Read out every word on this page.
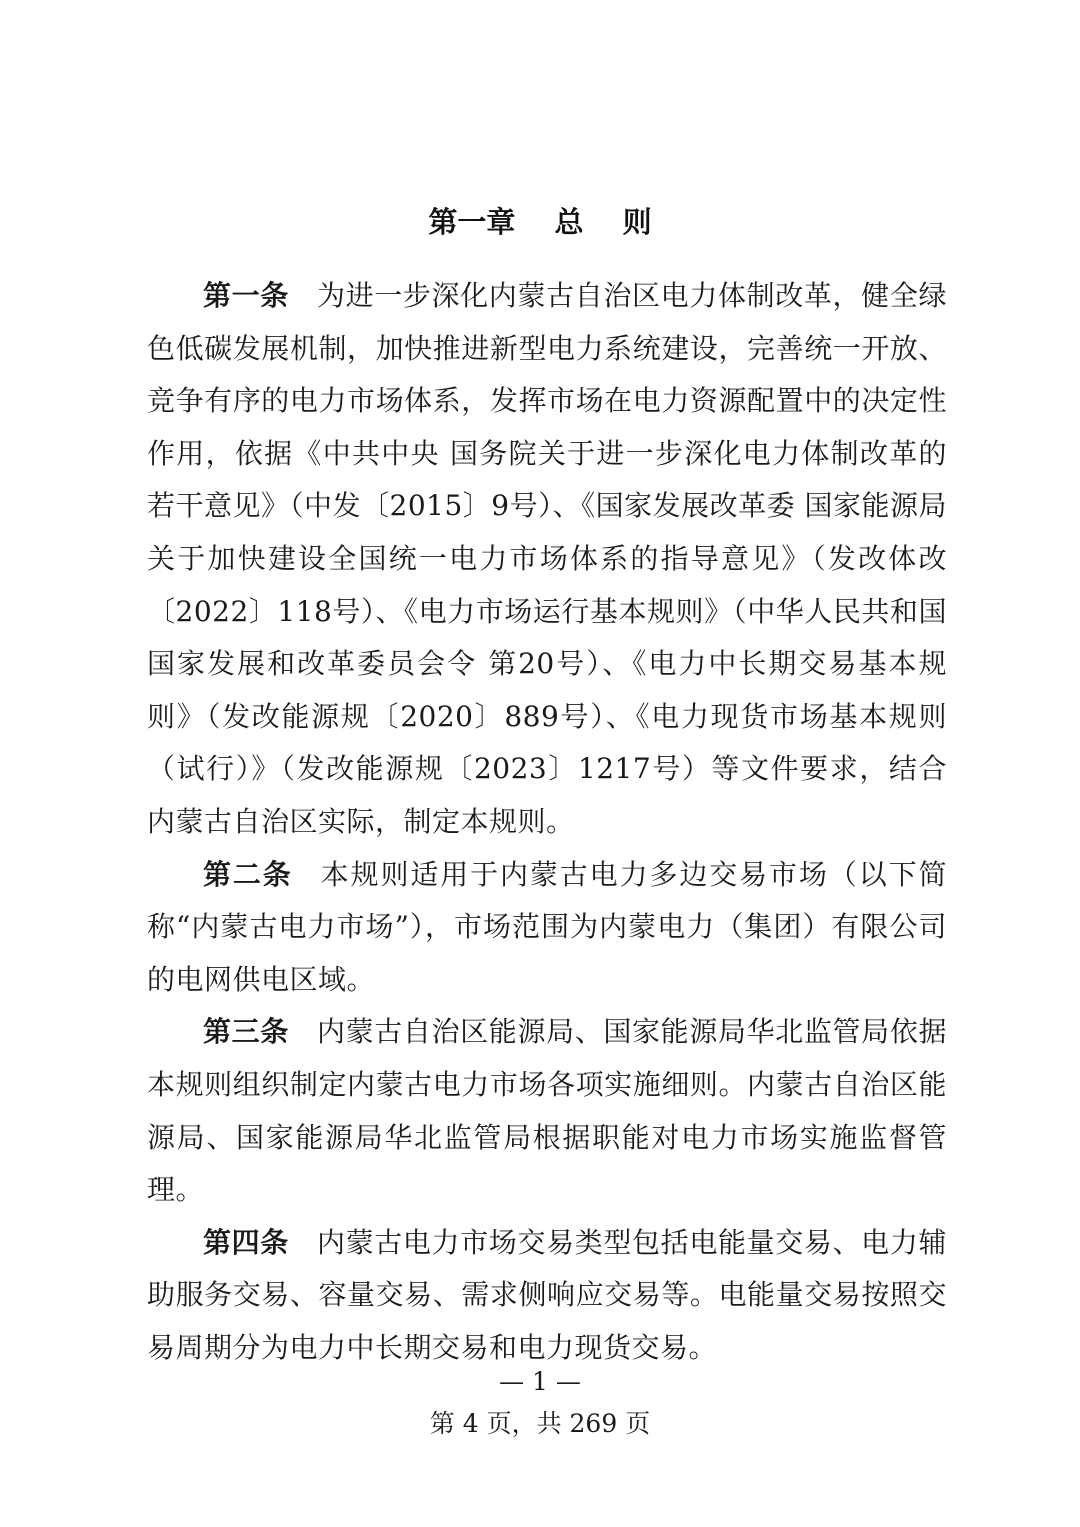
第一章　 总　 则

第一条 为进一步深化内蒙古自治区电力体制改革，健全绿色低碳发展机制，加快推进新型电力系统建设，完善统一开放、竞争有序的电力市场体系，发挥市场在电力资源配置中的决定性作用，依据《中共中央 国务院关于进一步深化电力体制改革的若干意见》（中发〔2015〕9号）、《国家发展改革委 国家能源局关于加快建设全国统一电力市场体系的指导意见》（发改体改〔2022〕118号）、《电力市场运行基本规则》（中华人民共和国国家发展和改革委员会令 第20号）、《电力中长期交易基本规则》（发改能源规〔2020〕889号）、《电力现货市场基本规则（试行）》（发改能源规〔2023〕1217号）等文件要求，结合内蒙古自治区实际，制定本规则。

第二条 本规则适用于内蒙古电力多边交易市场（以下简称“内蒙古电力市场”），市场范围为内蒙电力（集团）有限公司的电网供电区域。

第三条 内蒙古自治区能源局、国家能源局华北监管局依据本规则组织制定内蒙古电力市场各项实施细则。内蒙古自治区能源局、国家能源局华北监管局根据职能对电力市场实施监督管理。

第四条 内蒙古电力市场交易类型包括电能量交易、电力辅助服务交易、容量交易、需求侧响应交易等。电能量交易按照交易周期分为电力中长期交易和电力现货交易。

— 1 —
第 4 页，共 269 页
